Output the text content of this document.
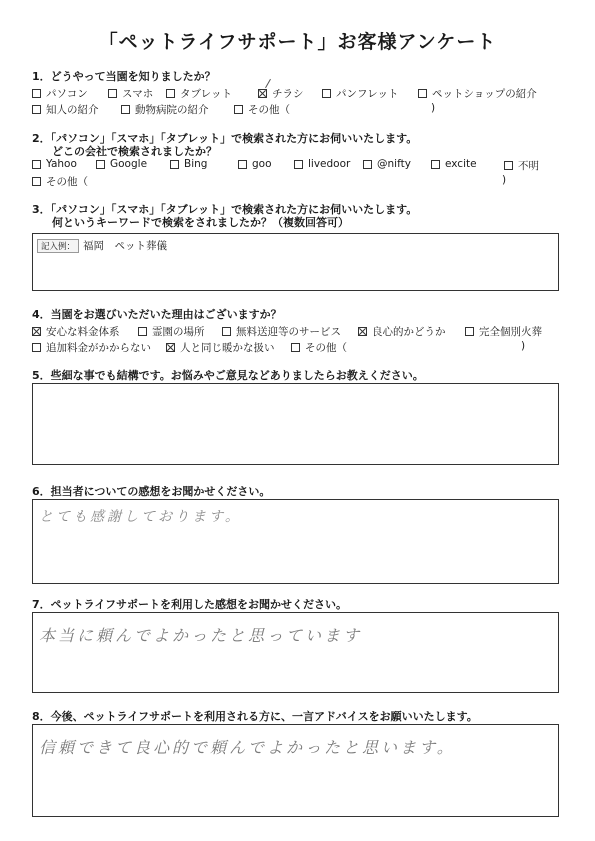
「ペットライフサポート」お客様アンケート
1．どうやって当園を知りましたか？
パソコン	スマホ	タブレット	チラシ	パンフレット	ペットショップの紹介
知人の紹介	動物病院の紹介	その他（	)
2．「パソコン」「スマホ」「タブレット」で検索された方にお伺いいたします。
どこの会社で検索されましたか？
Yahoo	Google	Bing	goo	livedoor	@nifty	excite	不明
その他（	)
3．「パソコン」「スマホ」「タブレット」で検索された方にお伺いいたします。
何というキーワードで検索をされましたか？（複数回答可）
記入例： 福岡　ペット葬儀
4．当園をお選びいただいた理由はございますか？
安心な料金体系	霊園の場所	無料送迎等のサービス	良心的かどうか	完全個別火葬
追加料金がかからない	人と同じ暖かな扱い	その他（	)
5．些細な事でも結構です。お悩みやご意見などありましたらお教えください。
6．担当者についての感想をお聞かせください。
とても感謝しております。
7．ペットライフサポートを利用した感想をお聞かせください。
本当に頼んでよかったと思っています
8．今後、ペットライフサポートを利用される方に、一言アドバイスをお願いいたします。
信頼できて良心的で頼んでよかったと思います。
